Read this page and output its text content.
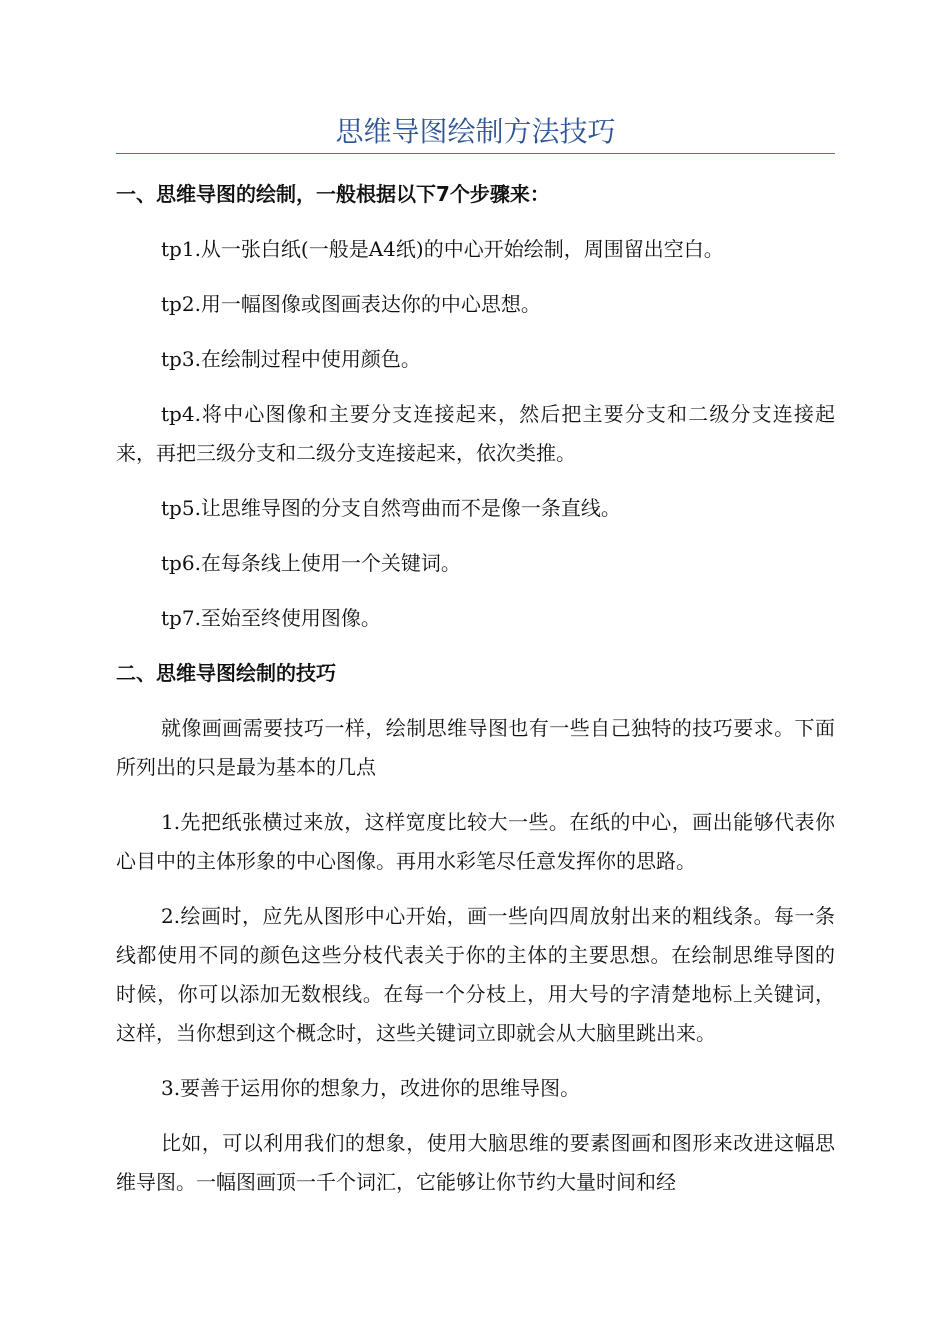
思维导图绘制方法技巧
一、思维导图的绘制，一般根据以下7个步骤来：

tp1.从一张白纸(一般是A4纸)的中心开始绘制，周围留出空白。

tp2.用一幅图像或图画表达你的中心思想。

tp3.在绘制过程中使用颜色。

tp4.将中心图像和主要分支连接起来，然后把主要分支和二级分支连接起来，再把三级分支和二级分支连接起来，依次类推。

tp5.让思维导图的分支自然弯曲而不是像一条直线。

tp6.在每条线上使用一个关键词。

tp7.至始至终使用图像。

二、思维导图绘制的技巧

就像画画需要技巧一样，绘制思维导图也有一些自己独特的技巧要求。下面所列出的只是最为基本的几点

1.先把纸张横过来放，这样宽度比较大一些。在纸的中心，画出能够代表你心目中的主体形象的中心图像。再用水彩笔尽任意发挥你的思路。

2.绘画时，应先从图形中心开始，画一些向四周放射出来的粗线条。每一条线都使用不同的颜色这些分枝代表关于你的主体的主要思想。在绘制思维导图的时候，你可以添加无数根线。在每一个分枝上，用大号的字清楚地标上关键词，这样，当你想到这个概念时，这些关键词立即就会从大脑里跳出来。

3.要善于运用你的想象力，改进你的思维导图。

比如，可以利用我们的想象，使用大脑思维的要素图画和图形来改进这幅思维导图。一幅图画顶一千个词汇，它能够让你节约大量时间和经
